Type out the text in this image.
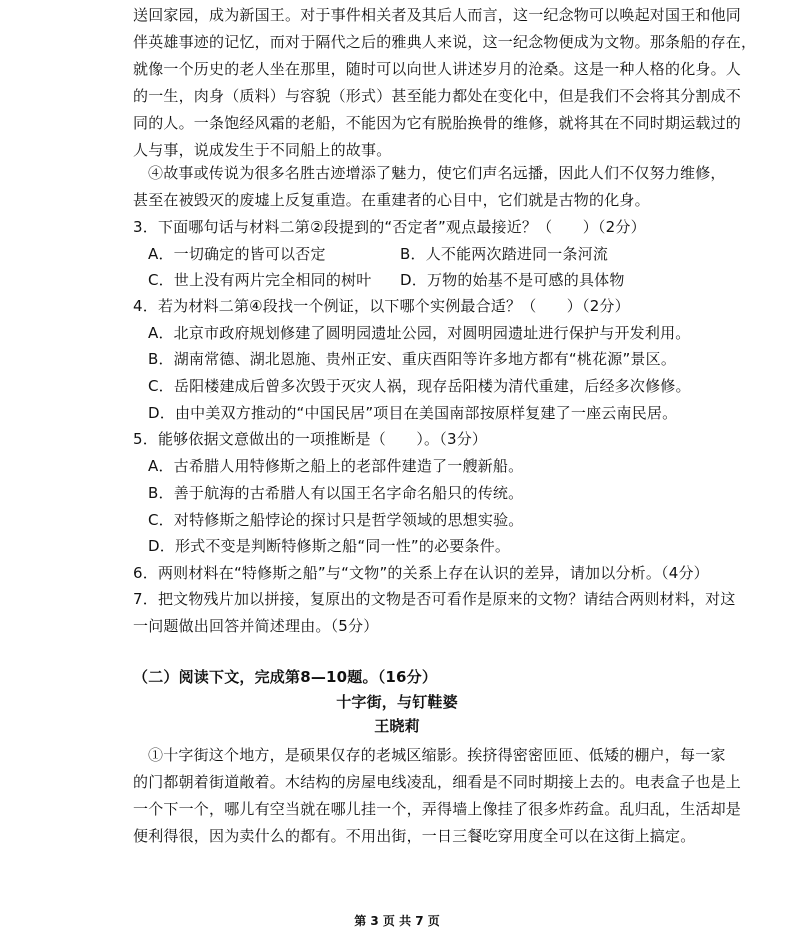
送回家园，成为新国王。对于事件相关者及其后人而言，这一纪念物可以唤起对国王和他同
伴英雄事迹的记忆，而对于隔代之后的雅典人来说，这一纪念物便成为文物。那条船的存在，
就像一个历史的老人坐在那里，随时可以向世人讲述岁月的沧桑。这是一种人格的化身。人
的一生，肉身（质料）与容貌（形式）甚至能力都处在变化中，但是我们不会将其分割成不
同的人。一条饱经风霜的老船，不能因为它有脱胎换骨的维修，就将其在不同时期运载过的
人与事，说成发生于不同船上的故事。
④故事或传说为很多名胜古迹增添了魅力，使它们声名远播，因此人们不仅努力维修，
甚至在被毁灭的废墟上反复重造。在重建者的心目中，它们就是古物的化身。
3．下面哪句话与材料二第②段提到的“否定者”观点最接近？（　　）（2分）
A．一切确定的皆可以否定	B．人不能两次踏进同一条河流
C．世上没有两片完全相同的树叶 D．万物的始基不是可感的具体物
4．若为材料二第④段找一个例证，以下哪个实例最合适？（　　）（2分）
A．北京市政府规划修建了圆明园遗址公园，对圆明园遗址进行保护与开发利用。
B．湖南常德、湖北恩施、贵州正安、重庆酉阳等许多地方都有“桃花源”景区。
C．岳阳楼建成后曾多次毁于灭灾人祸，现存岳阳楼为清代重建，后经多次修修。
D．由中美双方推动的“中国民居”项目在美国南部按原样复建了一座云南民居。
5．能够依据文意做出的一项推断是（　　）。（3分）
A．古希腊人用特修斯之船上的老部件建造了一艘新船。
B．善于航海的古希腊人有以国王名字命名船只的传统。
C．对特修斯之船悖论的探讨只是哲学领域的思想实验。
D．形式不变是判断特修斯之船“同一性”的必要条件。
6．两则材料在“特修斯之船”与“文物”的关系上存在认识的差异，请加以分析。（4分）
7．把文物残片加以拼接，复原出的文物是否可看作是原来的文物？请结合两则材料，对这
一问题做出回答并简述理由。（5分）
（二）阅读下文，完成第8—10题。（16分）
十字街，与钉鞋婆
王晓莉
①十字街这个地方，是硕果仅存的老城区缩影。挨挤得密密匝匝、低矮的棚户，每一家
的门都朝着街道敞着。木结构的房屋电线凌乱，细看是不同时期接上去的。电表盒子也是上
一个下一个，哪儿有空当就在哪儿挂一个，弄得墙上像挂了很多炸药盒。乱归乱，生活却是
便利得很，因为卖什么的都有。不用出街，一日三餐吃穿用度全可以在这街上搞定。
第 3 页 共 7 页
